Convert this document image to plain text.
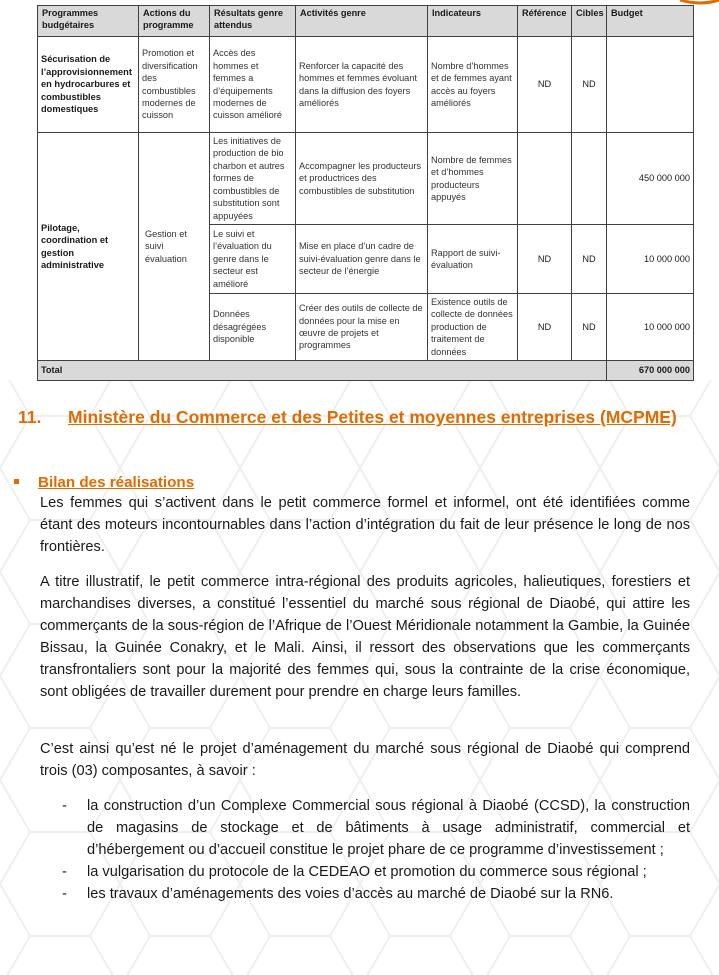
Programmes budgétaires	Actions du programme	Résultats genre attendus	Activités genre	Indicateurs	Référence	Cibles	Budget
Sécurisation de l’approvisionnement en hydrocarbures et combustibles domestiques	Promotion et diversification des combustibles modernes de cuisson	Accès des hommes et femmes a d’équipements modernes de cuisson amélioré	Renforcer la capacité des hommes et femmes évoluant dans la diffusion des foyers améliorés	Nombre d’hommes et de femmes ayant accès au foyers améliorés	ND	ND	
Pilotage, coordination et gestion administrative	Gestion et suivi évaluation	Les initiatives de production de bio charbon et autres formes de combustibles de substitution sont appuyées	Accompagner les producteurs et productrices des combustibles de substitution	Nombre de femmes et d’hommes producteurs appuyés			450 000 000
		Le suivi et l’évaluation du genre dans le secteur est amélioré	Mise en place d’un cadre de suivi-évaluation genre dans le secteur de l’énergie	Rapport de suivi-évaluation	ND	ND	10 000 000
		Données désagrégées disponible	Créer des outils de collecte de données pour la mise en œuvre de projets et programmes	Existence outils de collecte de données production de traitement de données	ND	ND	10 000 000
Total							670 000 000
11. Ministère du Commerce et des Petites et moyennes entreprises (MCPME)
Bilan des réalisations

Les femmes qui s’activent dans le petit commerce formel et informel, ont été identifiées comme étant des moteurs incontournables dans l’action d’intégration du fait de leur présence le long de nos frontières.

A titre illustratif, le petit commerce intra-régional des produits agricoles, halieutiques, forestiers et marchandises diverses, a constitué l’essentiel du marché sous régional de Diaobé, qui attire les commerçants de la sous-région de l’Afrique de l’Ouest Méridionale notamment la Gambie, la Guinée Bissau, la Guinée Conakry, et le Mali. Ainsi, il ressort des observations que les commerçants transfrontaliers sont pour la majorité des femmes qui, sous la contrainte de la crise économique, sont obligées de travailler durement pour prendre en charge leurs familles.

C’est ainsi qu’est né le projet d’aménagement du marché sous régional de Diaobé qui comprend trois (03) composantes, à savoir :

- la construction d’un Complexe Commercial sous régional à Diaobé (CCSD), la construction de magasins de stockage et de bâtiments à usage administratif, commercial et d’hébergement ou d’accueil constitue le projet phare de ce programme d’investissement ;
- la vulgarisation du protocole de la CEDEAO et promotion du commerce sous régional ;
- les travaux d’aménagements des voies d’accès au marché de Diaobé sur la RN6.
